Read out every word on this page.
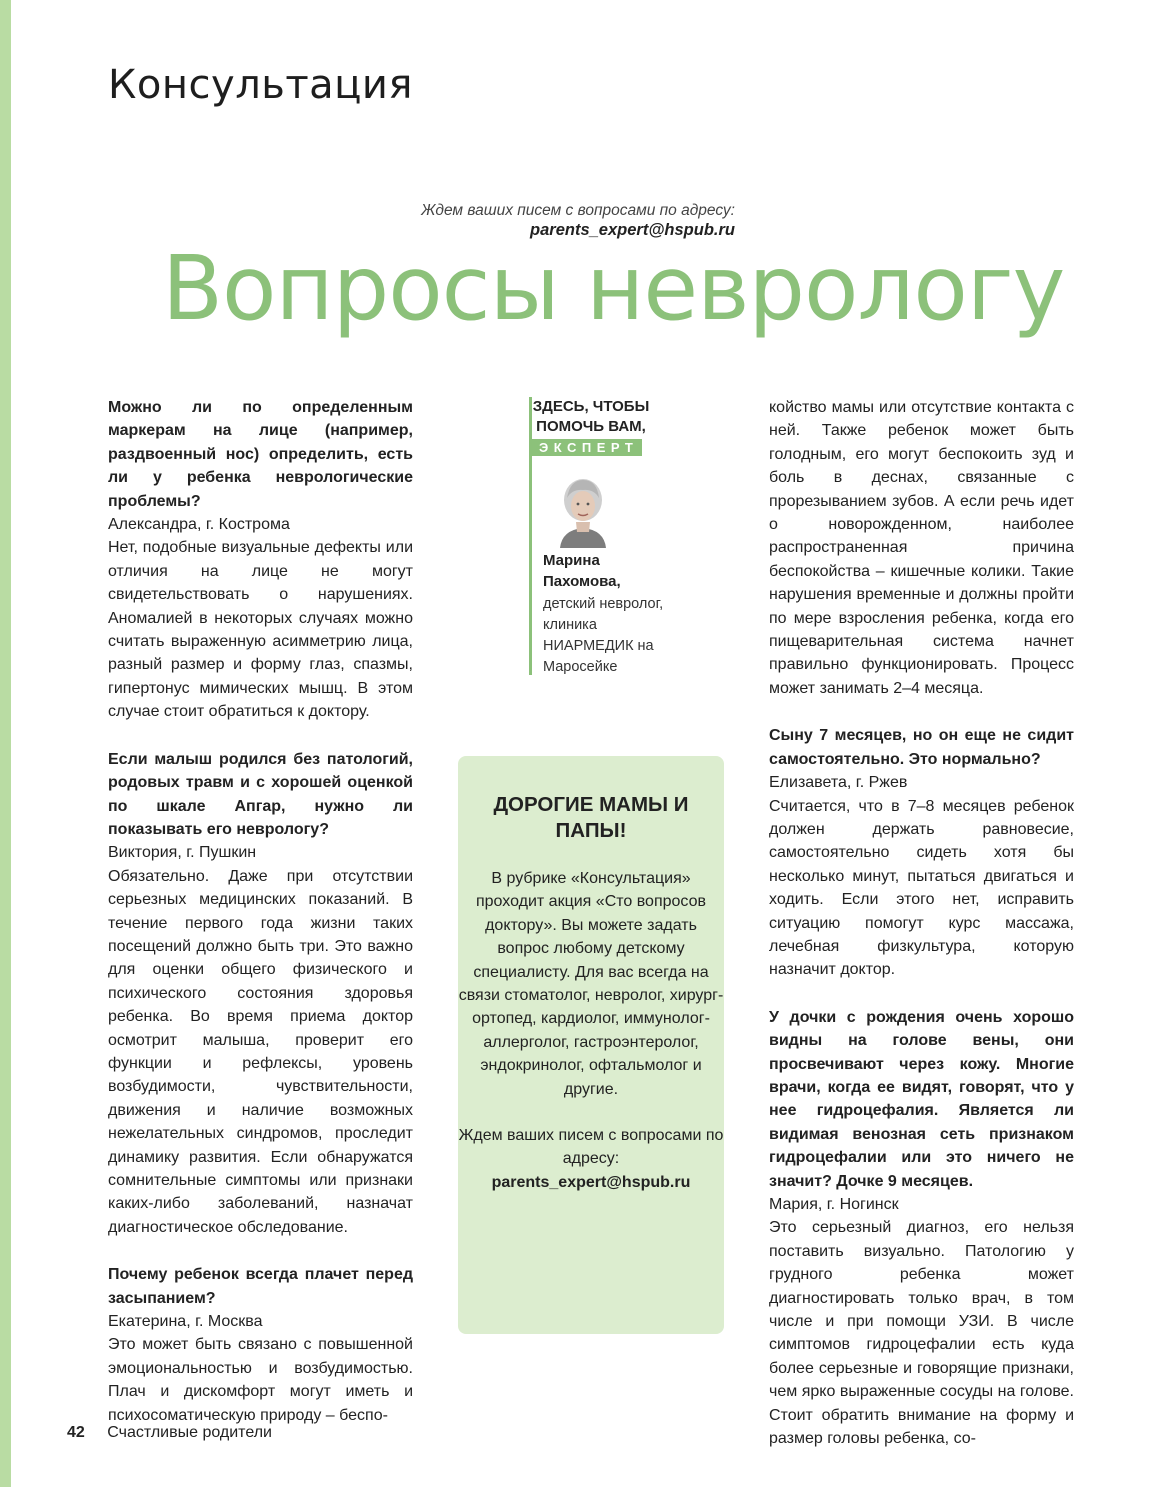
Консультация
Ждем ваших писем с вопросами по адресу:
parents_expert@hspub.ru
Вопросы неврологу

Можно ли по определенным маркерам на лице (например, раздвоенный нос) определить, есть ли у ребенка неврологические проблемы?

Александра, г. Кострома

Нет, подобные визуальные дефекты или отличия на лице не могут свидетельствовать о нарушениях. Аномалией в некоторых случаях можно считать выраженную асимметрию лица, разный размер и форму глаз, спазмы, гипертонус мимических мышц. В этом случае стоит обратиться к доктору.

Если малыш родился без патологий, родовых травм и с хорошей оценкой по шкале Апгар, нужно ли показывать его неврологу?

Виктория, г. Пушкин

Обязательно. Даже при отсутствии серьезных медицинских показаний. В течение первого года жизни таких посещений должно быть три. Это важно для оценки общего физического и психического состояния здоровья ребенка. Во время приема доктор осмотрит малыша, проверит его функции и рефлексы, уровень возбудимости, чувствительности, движения и наличие возможных нежелательных синдромов, проследит динамику развития. Если обнаружатся сомнительные симптомы или признаки каких-либо заболеваний, назначат диагностическое обследование.

Почему ребенок всегда плачет перед засыпанием?

Екатерина, г. Москва

Это может быть связано с повышенной эмоциональностью и возбудимостью. Плач и дискомфорт могут иметь и психосоматическую природу – беспо-

ЗДЕСЬ, ЧТОБЫ ПОМОЧЬ ВАМ,
ЭКСПЕРТ
Марина Пахомова,
детский невролог, клиника НИАРМЕДИК на Маросейке
ДОРОГИЕ МАМЫ И ПАПЫ!
В рубрике «Консультация» проходит акция «Сто вопросов доктору». Вы можете задать вопрос любому детскому специалисту. Для вас всегда на связи стоматолог, невролог, хирург-ортопед, кардиолог, иммунолог-аллерголог, гастроэнтеролог, эндокринолог, офтальмолог и другие.
Ждем ваших писем с вопросами по адресу:
parents_expert@hspub.ru

койство мамы или отсутствие контакта с ней. Также ребенок может быть голодным, его могут беспокоить зуд и боль в деснах, связанные с прорезыванием зубов. А если речь идет о новорожденном, наиболее распространенная причина беспокойства – кишечные колики. Такие нарушения временные и должны пройти по мере взросления ребенка, когда его пищеварительная система начнет правильно функционировать. Процесс может занимать 2–4 месяца.

Сыну 7 месяцев, но он еще не сидит самостоятельно. Это нормально?

Елизавета, г. Ржев

Считается, что в 7–8 месяцев ребенок должен держать равновесие, самостоятельно сидеть хотя бы несколько минут, пытаться двигаться и ходить. Если этого нет, исправить ситуацию помогут курс массажа, лечебная физкультура, которую назначит доктор.

У дочки с рождения очень хорошо видны на голове вены, они просвечивают через кожу. Многие врачи, когда ее видят, говорят, что у нее гидроцефалия. Является ли видимая венозная сеть признаком гидроцефалии или это ничего не значит? Дочке 9 месяцев.

Мария, г. Ногинск

Это серьезный диагноз, его нельзя поставить визуально. Патологию у грудного ребенка может диагностировать только врач, в том числе и при помощи УЗИ. В числе симптомов гидроцефалии есть куда более серьезные и говорящие признаки, чем ярко выраженные сосуды на голове. Стоит обратить внимание на форму и размер головы ребенка, со-

42 Счастливые родители
